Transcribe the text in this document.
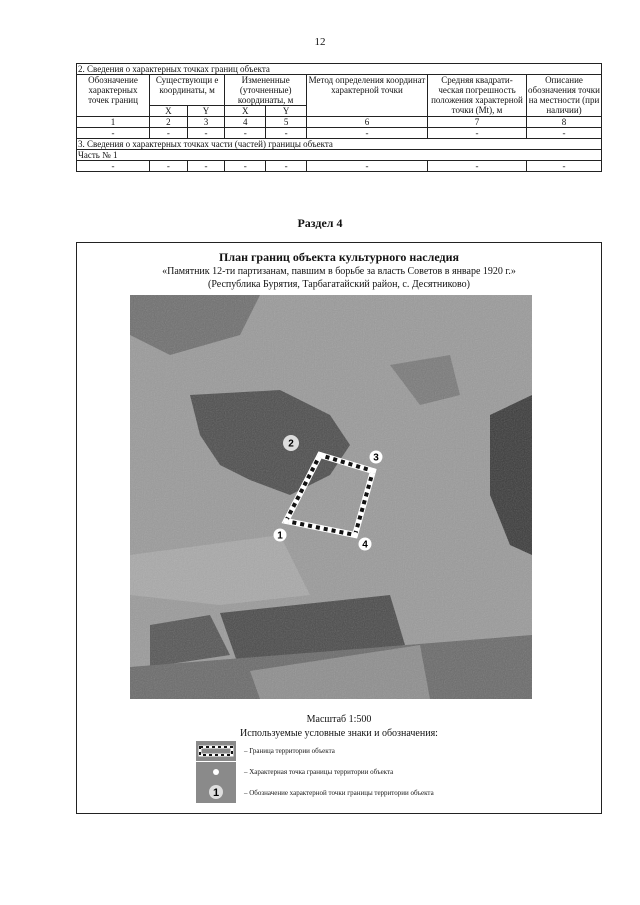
12
2. Сведения о характерных точках границ объекта							
Обозначение характерных точек границ	Существующи е координаты, м		Измененные (уточненные) координаты, м		Метод определения координат характерной точки	Средняя квадрати-ческая погрешность положения характерной точки (Mt), м	Описание обозначения точки на местности (при наличии)
	X	Y	X	Y			
1	2	3	4	5	6	7	8
-	-	-	-	-	-	-	-
3. Сведения о характерных точках части (частей) границы объекта							
Часть № 1							
-	-	-	-	-	-	-	-
Раздел 4
План границ объекта культурного наследия
«Памятник 12-ти партизанам, павшим в борьбе за власть Советов в январе 1920 г.»
(Республика Бурятия, Тарбагатайский район, с. Десятниково)
1
2
3
4
Масштаб 1:500
Используемые условные знаки и обозначения:
– Граница территории объекта
– Характерная точка границы территории объекта
1	– Обозначение характерной точки границы территории объекта
